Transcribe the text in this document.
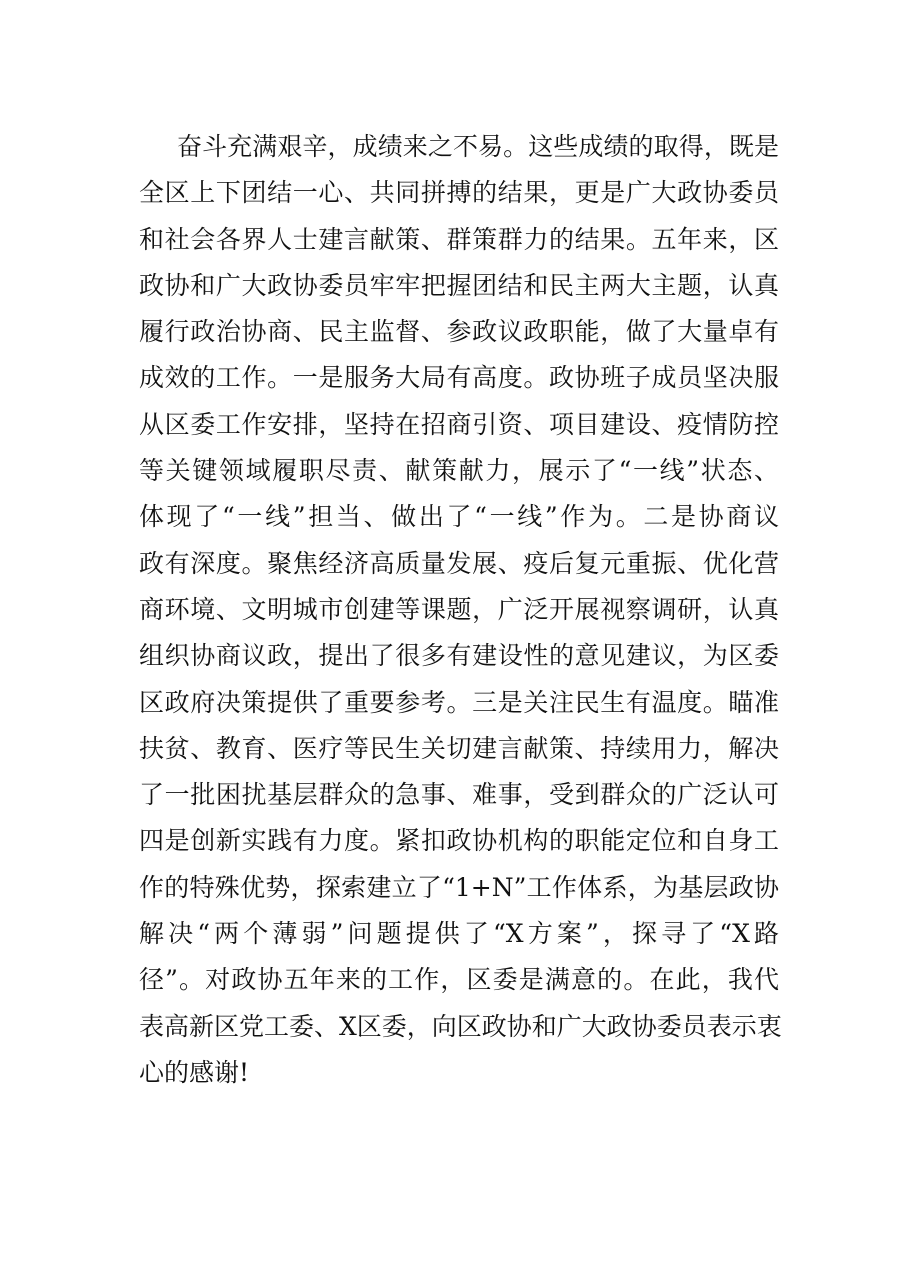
奋斗充满艰辛，成绩来之不易。这些成绩的取得，既是
全区上下团结一心、共同拼搏的结果，更是广大政协委员
和社会各界人士建言献策、群策群力的结果。五年来，区
政协和广大政协委员牢牢把握团结和民主两大主题，认真
履行政治协商、民主监督、参政议政职能，做了大量卓有
成效的工作。一是服务大局有高度。政协班子成员坚决服
从区委工作安排，坚持在招商引资、项目建设、疫情防控
等关键领域履职尽责、献策献力，展示了“一线”状态、
体现了“一线”担当、做出了“一线”作为。二是协商议
政有深度。聚焦经济高质量发展、疫后复元重振、优化营
商环境、文明城市创建等课题，广泛开展视察调研，认真
组织协商议政，提出了很多有建设性的意见建议，为区委
区政府决策提供了重要参考。三是关注民生有温度。瞄准
扶贫、教育、医疗等民生关切建言献策、持续用力，解决
了一批困扰基层群众的急事、难事，受到群众的广泛认可
四是创新实践有力度。紧扣政协机构的职能定位和自身工
作的特殊优势，探索建立了“1+N”工作体系，为基层政协
解决“两个薄弱”问题提供了“X方案”，探寻了“X路
径”。对政协五年来的工作，区委是满意的。在此，我代
表高新区党工委、X区委，向区政协和广大政协委员表示衷
心的感谢!
